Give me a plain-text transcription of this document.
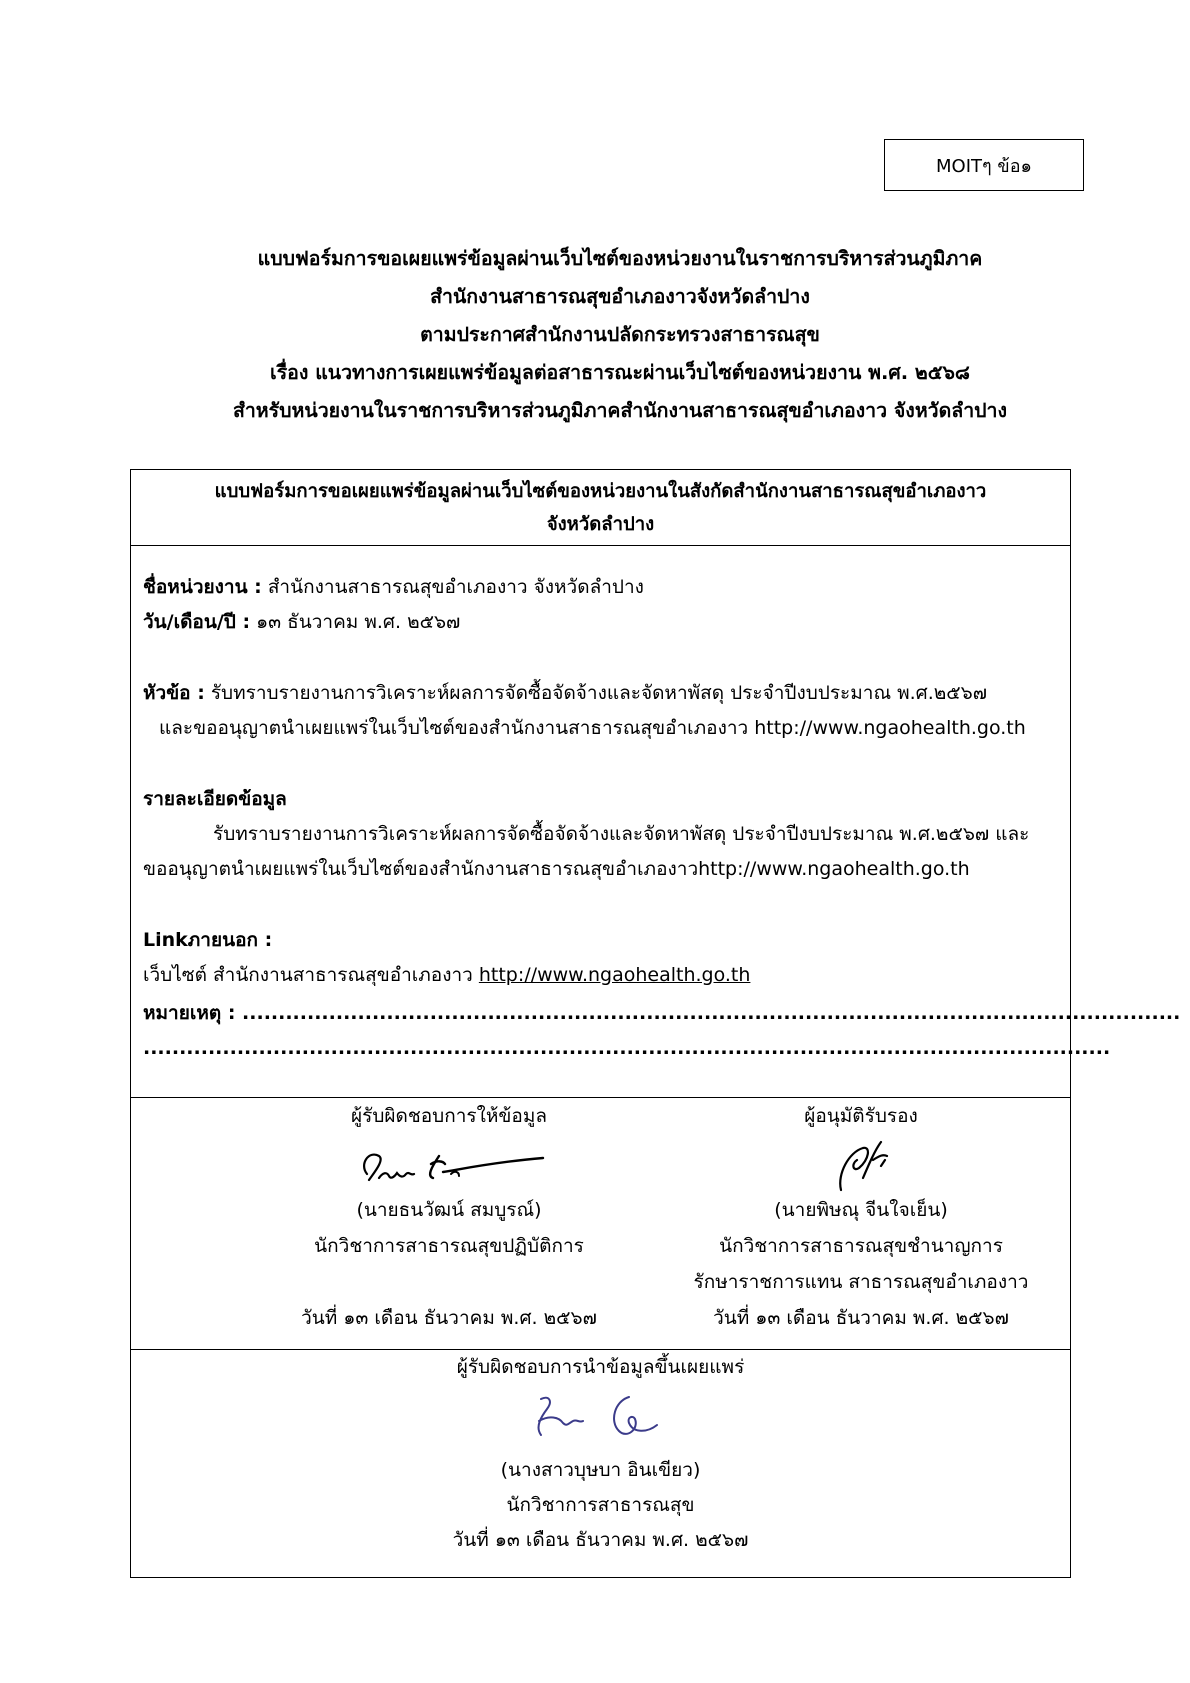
MOITๆ ข้อ๑
แบบฟอร์มการขอเผยแพร่ข้อมูลผ่านเว็บไซต์ของหน่วยงานในราชการบริหารส่วนภูมิภาค
สำนักงานสาธารณสุขอำเภองาวจังหวัดลำปาง
ตามประกาศสำนักงานปลัดกระทรวงสาธารณสุข
เรื่อง แนวทางการเผยแพร่ข้อมูลต่อสาธารณะผ่านเว็บไซต์ของหน่วยงาน พ.ศ. ๒๕๖๘
สำหรับหน่วยงานในราชการบริหารส่วนภูมิภาคสำนักงานสาธารณสุขอำเภองาว จังหวัดลำปาง
แบบฟอร์มการขอเผยแพร่ข้อมูลผ่านเว็บไซต์ของหน่วยงานในสังกัดสำนักงานสาธารณสุขอำเภองาว
จังหวัดลำปาง
ชื่อหน่วยงาน : สำนักงานสาธารณสุขอำเภองาว จังหวัดลำปาง
วัน/เดือน/ปี : ๑๓ ธันวาคม พ.ศ. ๒๕๖๗
หัวข้อ : รับทราบรายงานการวิเคราะห์ผลการจัดซื้อจัดจ้างและจัดหาพัสดุ ประจำปีงบประมาณ พ.ศ.๒๕๖๗
และขออนุญาตนำเผยแพร่ในเว็บไซต์ของสำนักงานสาธารณสุขอำเภองาว http://www.ngaohealth.go.th
รายละเอียดข้อมูล
รับทราบรายงานการวิเคราะห์ผลการจัดซื้อจัดจ้างและจัดหาพัสดุ ประจำปีงบประมาณ พ.ศ.๒๕๖๗ และ
ขออนุญาตนำเผยแพร่ในเว็บไซต์ของสำนักงานสาธารณสุขอำเภองาวhttp://www.ngaohealth.go.th
Linkภายนอก :
เว็บไซต์ สำนักงานสาธารณสุขอำเภองาว http://www.ngaohealth.go.th
หมายเหตุ : ..................................................................................................................................
......................................................................................................................................
ผู้รับผิดชอบการให้ข้อมูล
(นายธนวัฒน์ สมบูรณ์)
นักวิชาการสาธารณสุขปฏิบัติการ
วันที่ ๑๓ เดือน ธันวาคม พ.ศ. ๒๕๖๗
ผู้อนุมัติรับรอง
(นายพิษณุ จีนใจเย็น)
นักวิชาการสาธารณสุขชำนาญการ
รักษาราชการแทน สาธารณสุขอำเภองาว
วันที่ ๑๓ เดือน ธันวาคม พ.ศ. ๒๕๖๗
ผู้รับผิดชอบการนำข้อมูลขึ้นเผยแพร่
(นางสาวบุษบา อินเขียว)
นักวิชาการสาธารณสุข
วันที่ ๑๓ เดือน ธันวาคม พ.ศ. ๒๕๖๗
